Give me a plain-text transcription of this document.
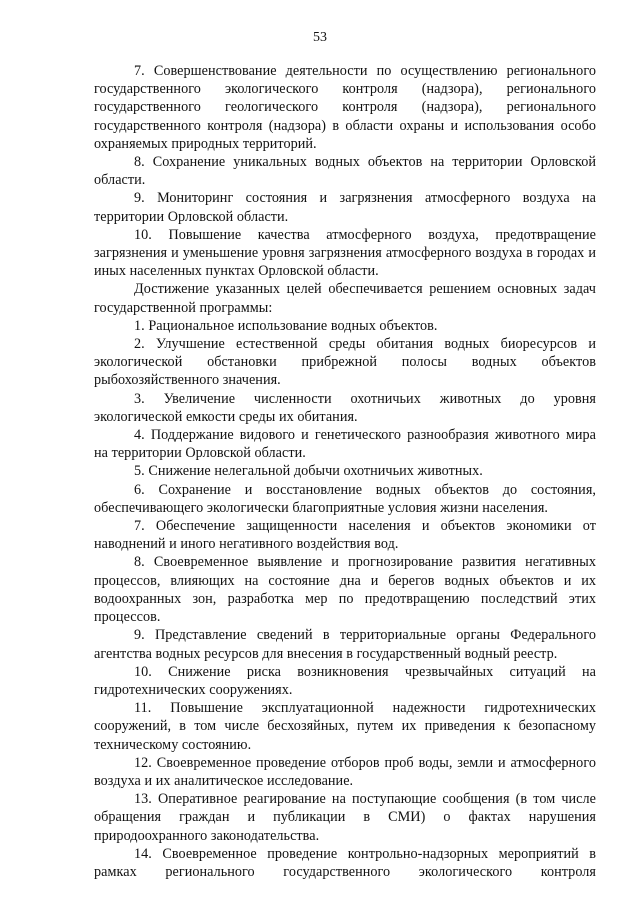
53

7. Совершенствование деятельности по осуществлению регионального государственного экологического контроля (надзора), регионального государственного геологического контроля (надзора), регионального государственного контроля (надзора) в области охраны и использования особо охраняемых природных территорий.

8. Сохранение уникальных водных объектов на территории Орловской области.

9. Мониторинг состояния и загрязнения атмосферного воздуха на территории Орловской области.

10. Повышение качества атмосферного воздуха, предотвращение загрязнения и уменьшение уровня загрязнения атмосферного воздуха в городах и иных населенных пунктах Орловской области.

Достижение указанных целей обеспечивается решением основных задач государственной программы:

1. Рациональное использование водных объектов.

2. Улучшение естественной среды обитания водных биоресурсов и экологической обстановки прибрежной полосы водных объектов рыбохозяйственного значения.

3. Увеличение численности охотничьих животных до уровня экологической емкости среды их обитания.

4. Поддержание видового и генетического разнообразия животного мира на территории Орловской области.

5. Снижение нелегальной добычи охотничьих животных.

6. Сохранение и восстановление водных объектов до состояния, обеспечивающего экологически благоприятные условия жизни населения.

7. Обеспечение защищенности населения и объектов экономики от наводнений и иного негативного воздействия вод.

8. Своевременное выявление и прогнозирование развития негативных процессов, влияющих на состояние дна и берегов водных объектов и их водоохранных зон, разработка мер по предотвращению последствий этих процессов.

9. Представление сведений в территориальные органы Федерального агентства водных ресурсов для внесения в государственный водный реестр.

10. Снижение риска возникновения чрезвычайных ситуаций на гидротехнических сооружениях.

11. Повышение эксплуатационной надежности гидротехнических сооружений, в том числе бесхозяйных, путем их приведения к безопасному техническому состоянию.

12. Своевременное проведение отборов проб воды, земли и атмосферного воздуха и их аналитическое исследование.

13. Оперативное реагирование на поступающие сообщения (в том числе обращения граждан и публикации в СМИ) о фактах нарушения природоохранного законодательства.

14. Своевременное проведение контрольно-надзорных мероприятий в рамках регионального государственного экологического контроля
